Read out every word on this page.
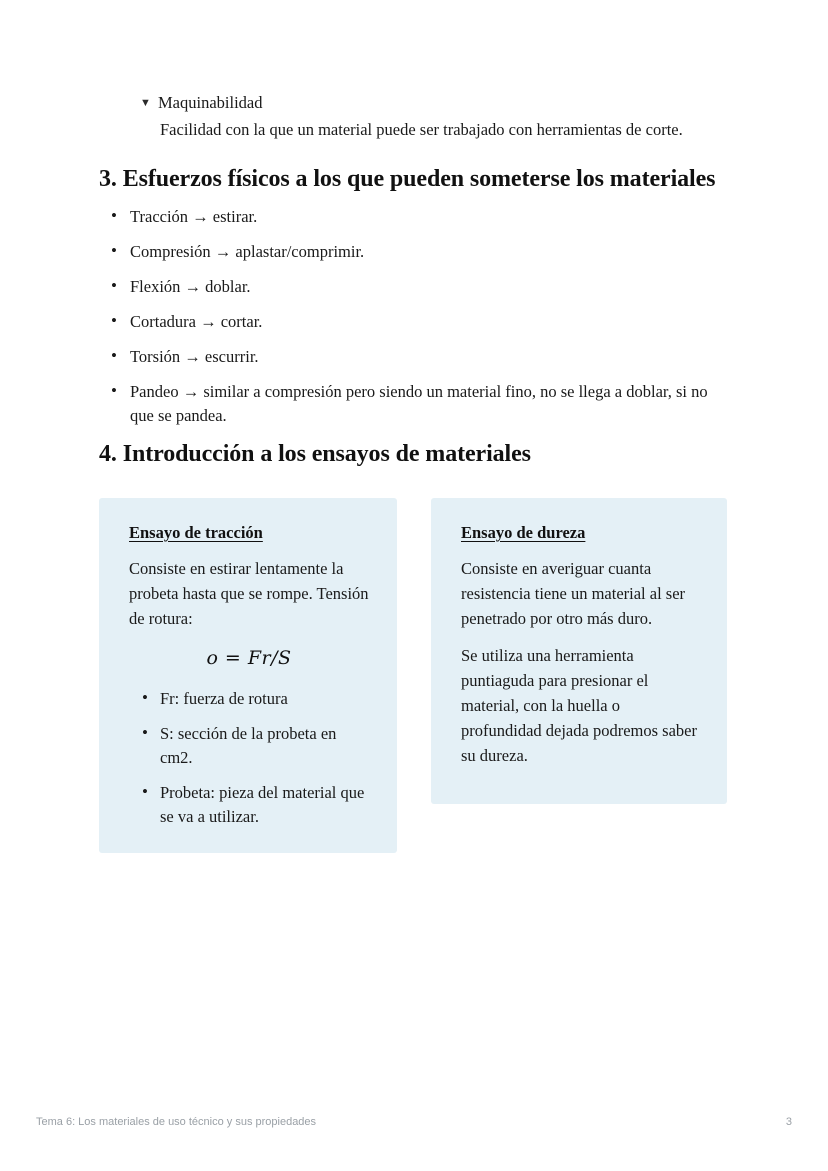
▼ Maquinabilidad
Facilidad con la que un material puede ser trabajado con herramientas de corte.
3. Esfuerzos físicos a los que pueden someterse los materiales
• Tracción → estirar.
• Compresión → aplastar/comprimir.
• Flexión → doblar.
• Cortadura → cortar.
• Torsión → escurrir.
• Pandeo → similar a compresión pero siendo un material fino, no se llega a doblar, si no que se pandea.
4. Introducción a los ensayos de materiales
Ensayo de tracción

Consiste en estirar lentamente la probeta hasta que se rompe. Tensión de rotura:

o = Fr/S
• Fr: fuerza de rotura
• S: sección de la probeta en cm2.
• Probeta: pieza del material que se va a utilizar.
Ensayo de dureza

Consiste en averiguar cuanta resistencia tiene un material al ser penetrado por otro más duro.

Se utiliza una herramienta puntiaguda para presionar el material, con la huella o profundidad dejada podremos saber su dureza.

Tema 6: Los materiales de uso técnico y sus propiedades	3
